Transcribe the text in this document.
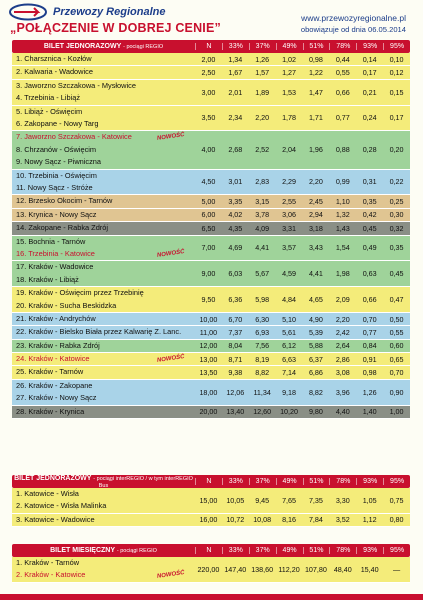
Przewozy Regionalne
„POŁĄCZENIE W DOBREJ CENIE”
www.przewozyregionalne.pl
obowiązuje od dnia 06.05.2014
BILET JEDNORAZOWY - pociągi REGIO	N	33%	37%	49%	51%	78%	93%	95%
1. Charsznica - Kozłów	2,00	1,34	1,26	1,02	0,98	0,44	0,14	0,10
2. Kalwaria - Wadowice	2,50	1,67	1,57	1,27	1,22	0,55	0,17	0,12
3. Jaworzno Szczakowa - Mysłowice
4. Trzebinia - Libiąż
3,00	2,01	1,89	1,53	1,47	0,66	0,21	0,15
5. Libiąż - Oświęcim
6. Zakopane - Nowy Targ
3,50	2,34	2,20	1,78	1,71	0,77	0,24	0,17
7. Jaworzno Szczakowa - Katowice	NOWOŚĆ
8. Chrzanów - Oświęcim
9. Nowy Sącz - Piwniczna
4,00	2,68	2,52	2,04	1,96	0,88	0,28	0,20
10. Trzebinia - Oświęcim
11. Nowy Sącz - Stróże
4,50	3,01	2,83	2,29	2,20	0,99	0,31	0,22
12. Brzesko Okocim - Tarnów	5,00	3,35	3,15	2,55	2,45	1,10	0,35	0,25
13. Krynica - Nowy Sącz	6,00	4,02	3,78	3,06	2,94	1,32	0,42	0,30
14. Zakopane - Rabka Zdrój	6,50	4,35	4,09	3,31	3,18	1,43	0,45	0,32
15. Bochnia - Tarnów
16. Trzebinia - Katowice	NOWOŚĆ
7,00	4,69	4,41	3,57	3,43	1,54	0,49	0,35
17. Kraków - Wadowice
18. Kraków - Libiąż
9,00	6,03	5,67	4,59	4,41	1,98	0,63	0,45
19. Kraków - Oświęcim przez Trzebinię
20. Kraków - Sucha Beskidzka
9,50	6,36	5,98	4,84	4,65	2,09	0,66	0,47
21. Kraków - Andrychów	10,00	6,70	6,30	5,10	4,90	2,20	0,70	0,50
22. Kraków - Bielsko Biała przez Kalwarię Z. Lanc.	11,00	7,37	6,93	5,61	5,39	2,42	0,77	0,55
23. Kraków - Rabka Zdrój	12,00	8,04	7,56	6,12	5,88	2,64	0,84	0,60
24. Kraków - Katowice	NOWOŚĆ	13,00	8,71	8,19	6,63	6,37	2,86	0,91	0,65
25. Kraków - Tarnów	13,50	9,38	8,82	7,14	6,86	3,08	0,98	0,70
26. Kraków - Zakopane
27. Kraków - Nowy Sącz
18,00	12,06	11,34	9,18	8,82	3,96	1,26	0,90
28. Kraków - Krynica	20,00	13,40	12,60	10,20	9,80	4,40	1,40	1,00
BILET JEDNORAZOWY - pociągi interREGIO / w tym interREGIO Bus
N	33%	37%	49%	51%	78%	93%	95%
1. Katowice - Wisła
2. Katowice - Wisła Malinka
15,00	10,05	9,45	7,65	7,35	3,30	1,05	0,75
3. Katowice - Wadowice	16,00	10,72	10,08	8,16	7,84	3,52	1,12	0,80
BILET MIESIĘCZNY - pociągi REGIO	N	33%	37%	49%	51%	78%	93%	95%
1. Kraków - Tarnów
2. Kraków - Katowice	NOWOŚĆ
220,00 147,40 138,60 112,20 107,80 48,40	15,40	—
